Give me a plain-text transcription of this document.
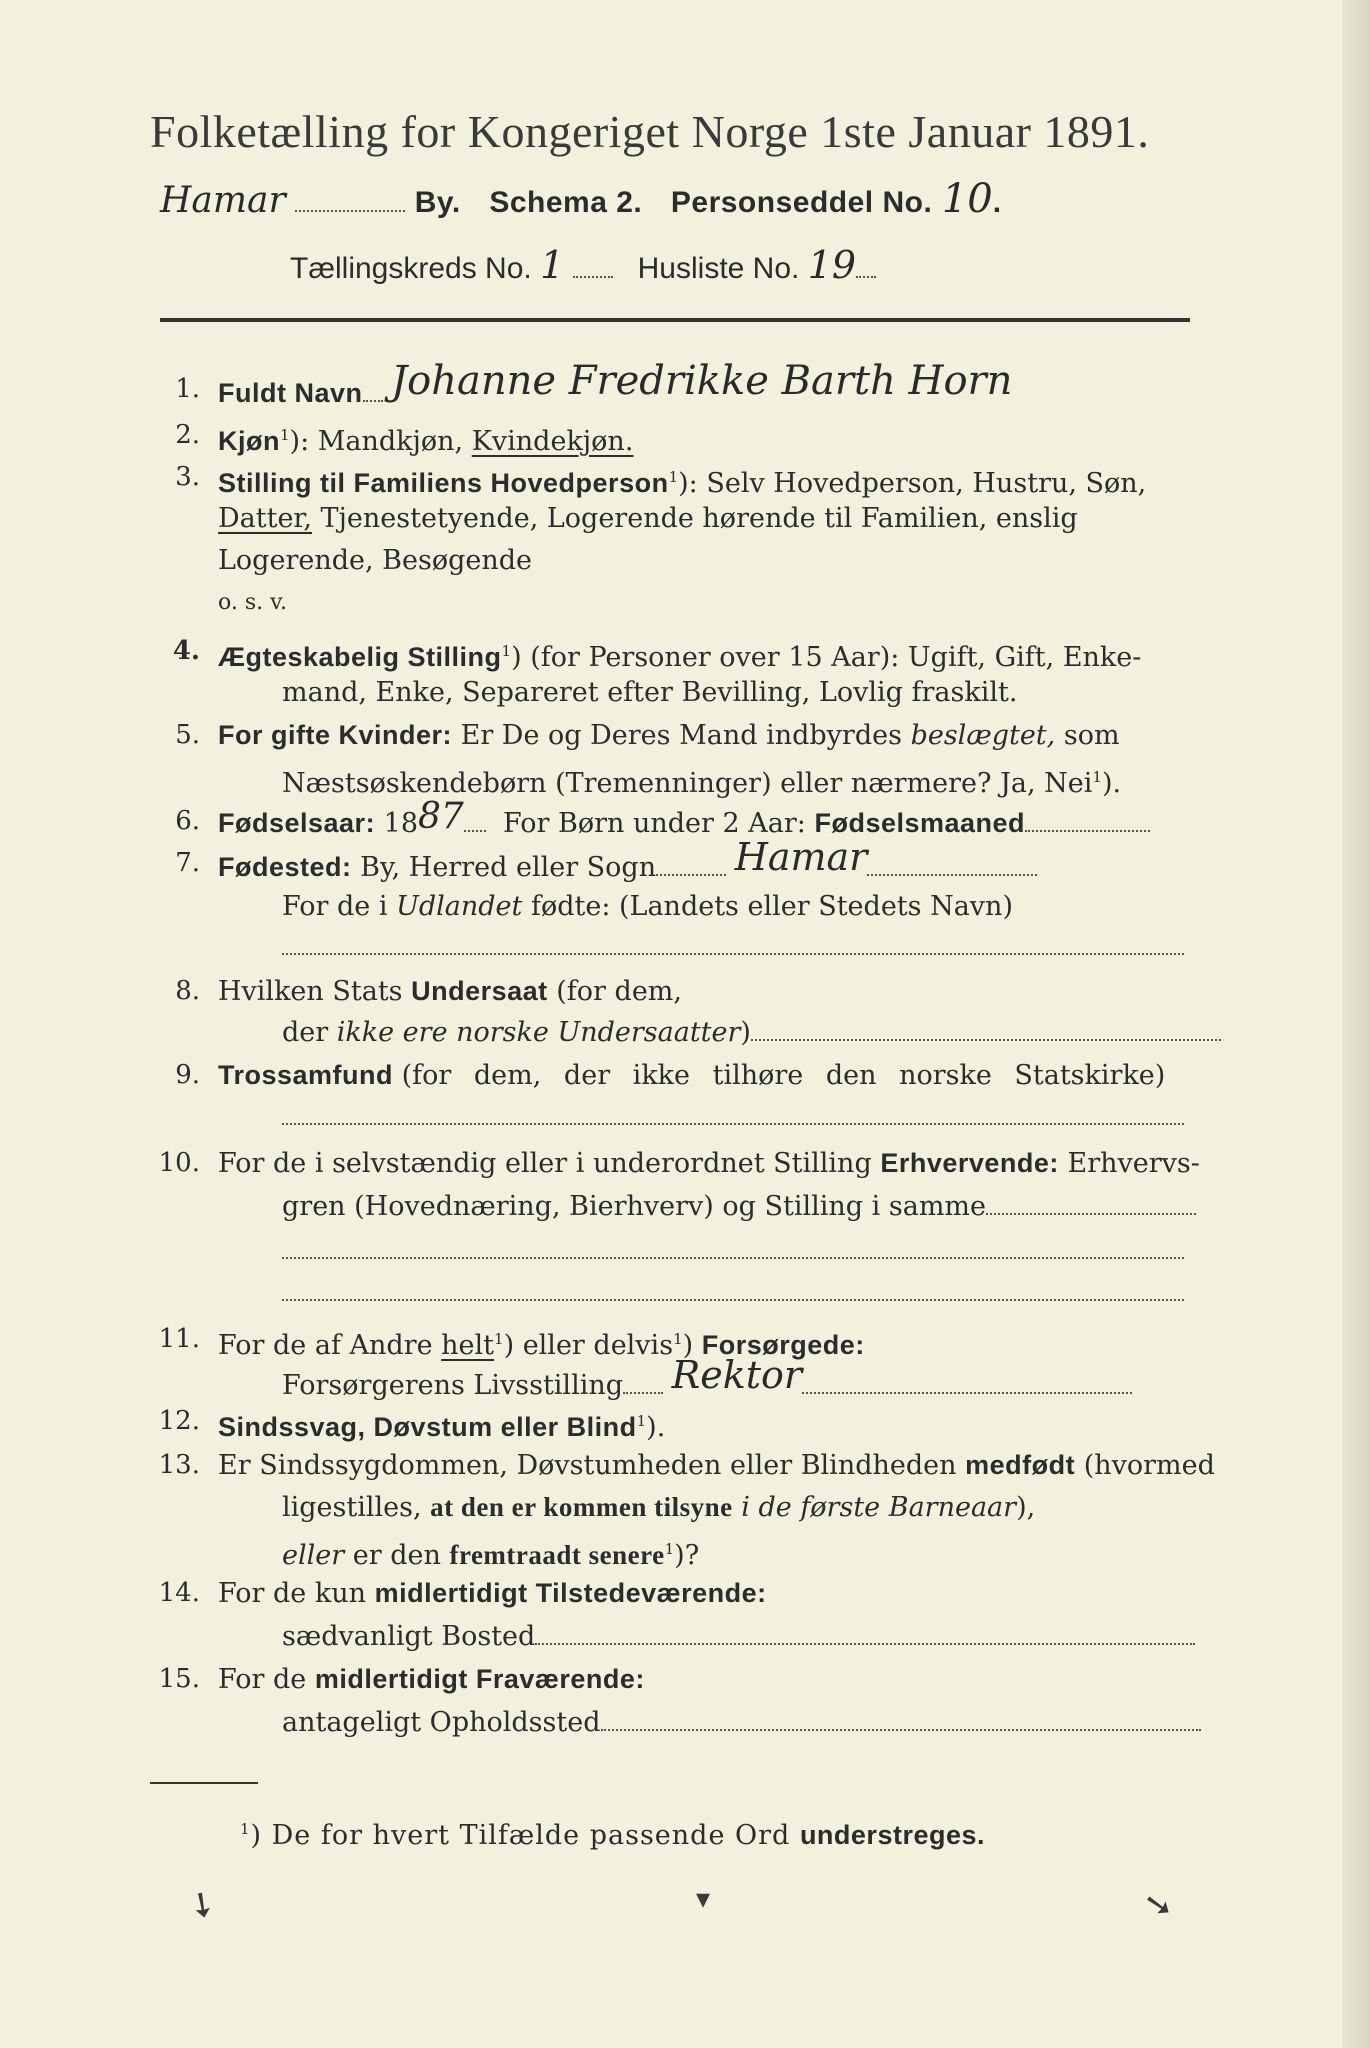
Folketælling for Kongeriget Norge 1ste Januar 1891.
Hamar	By. Schema 2. Personseddel No. 10.
Tællingskreds No. 1 Husliste No. 19
1. Fuldt Navn Johanne Fredrikke Barth Horn
2. Kjøn$^1$): Mandkjøn, Kvindekjøn.
3. Stilling til Familiens Hovedperson$^1$): Selv Hovedperson, Hustru, Søn,
Datter, Tjenestetyende, Logerende hørende til Familien, enslig
Logerende, Besøgende
o. s. v.
4. Ægteskabelig Stilling$^1$) (for Personer over 15 Aar): Ugift, Gift, Enke-
mand, Enke, Separeret efter Bevilling, Lovlig fraskilt.
5. For gifte Kvinder: Er De og Deres Mand indbyrdes beslægtet, som
Næstsøskendebørn (Tremenninger) eller nærmere? Ja, Nei$^1$).
6. Fødselsaar: 1887 For Børn under 2 Aar: Fødselsmaaned
7. Fødested: By, Herred eller Sogn Hamar
For de i Udlandet fødte: (Landets eller Stedets Navn)
8. Hvilken Stats Undersaat (for dem,
der ikke ere norske Undersaatter)
9. Trossamfund (for dem, der ikke tilhøre den norske Statskirke)
10. For de i selvstændig eller i underordnet Stilling Erhvervende: Erhvervs-
gren (Hovednæring, Bierhverv) og Stilling i samme
11. For de af Andre helt$^1$) eller delvis$^1$) Forsørgede:
Forsørgerens Livsstilling Rektor
12. Sindssvag, Døvstum eller Blind$^1$).
13. Er Sindssygdommen, Døvstumheden eller Blindheden medfødt (hvormed
ligestilles, at den er kommen tilsyne i de første Barneaar),
eller er den fremtraadt senere$^1$)?
14. For de kun midlertidigt Tilstedeværende:
sædvanligt Bosted
15. For de midlertidigt Fraværende:
antageligt Opholdssted
$^1$) De for hvert Tilfælde passende Ord understreges.
➘	▾	➘
